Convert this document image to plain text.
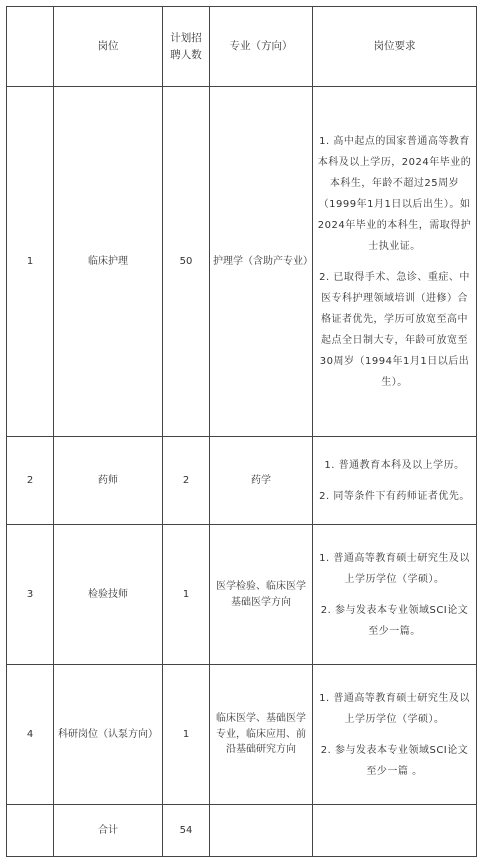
	岗位	计划招聘人数	专业（方向）	岗位要求
1	临床护理	50	护理学（含助产专业）	1. 高中起点的国家普通高等教育本科及以上学历，2024年毕业的本科生，年龄不超过25周岁（1999年1月1日以后出生）。如2024年毕业的本科生，需取得护士执业证。

2. 已取得手术、急诊、重症、中医专科护理领域培训（进修）合格证者优先，学历可放宽至高中起点全日制大专，年龄可放宽至30周岁（1994年1月1日以后出生）。

2	药师	2	药学	1. 普通教育本科及以上学历。

2. 同等条件下有药师证者优先。

3	检验技师	1	医学检验、临床医学基础医学方向	1. 普通高等教育硕士研究生及以上学历学位（学硕）。

2. 参与发表本专业领域SCI论文至少一篇。

4	科研岗位（认泵方向）	1	临床医学、基础医学专业，临床应用、前沿基础研究方向	1. 普通高等教育硕士研究生及以上学历学位（学硕）。

2. 参与发表本专业领域SCI论文至少一篇 。

	合计	54		
